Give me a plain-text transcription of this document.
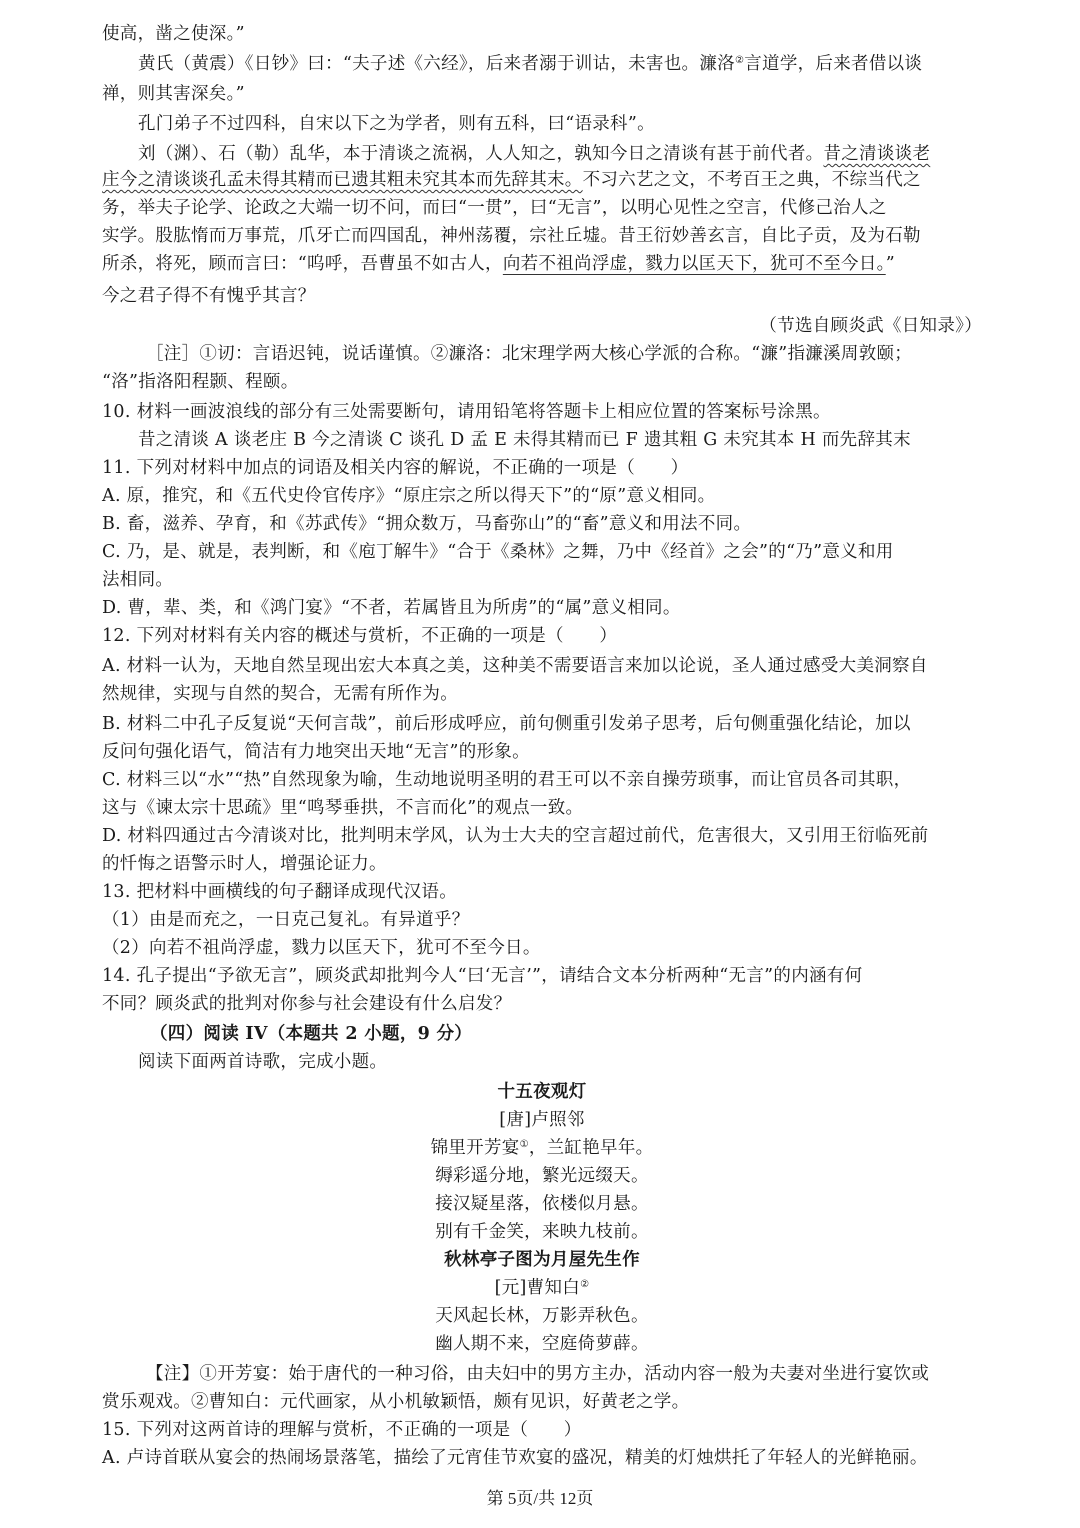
使高，凿之使深。”
黄氏（黄震）《日钞》曰：“夫子述《六经》，后来者溺于训诂，未害也。濂洛②言道学，后来者借以谈
禅，则其害深矣。”
孔门弟子不过四科，自宋以下之为学者，则有五科，曰“语录科”。
刘（渊）、石（勒）乱华，本于清谈之流祸，人人知之，孰知今日之清谈有甚于前代者。昔之清谈谈老
庄今之清谈谈孔孟未得其精而已遗其粗未究其本而先辞其末。不习六艺之文，不考百王之典，不综当代之
务，举夫子论学、论政之大端一切不问，而曰“一贯”，曰“无言”，以明心见性之空言，代修己治人之
实学。股肱惰而万事荒，爪牙亡而四国乱，神州荡覆，宗社丘墟。昔王衍妙善玄言，自比子贡，及为石勒
所杀，将死，顾而言曰：“呜呼，吾曹虽不如古人，向若不祖尚浮虚，戮力以匡天下，犹可不至今日。”
今之君子得不有愧乎其言？
（节选自顾炎武《日知录》）
［注］①讱：言语迟钝，说话谨慎。②濂洛：北宋理学两大核心学派的合称。“濂”指濂溪周敦颐；
“洛”指洛阳程颢、程颐。
10. 材料一画波浪线的部分有三处需要断句，请用铅笔将答题卡上相应位置的答案标号涂黑。
昔之清谈 A 谈老庄 B 今之清谈 C 谈孔 D 孟 E 未得其精而已 F 遗其粗 G 未究其本 H 而先辞其末
11. 下列对材料中加点的词语及相关内容的解说，不正确的一项是（　　）
A. 原，推究，和《五代史伶官传序》“原庄宗之所以得天下”的“原”意义相同。
B. 畜，滋养、孕育，和《苏武传》“拥众数万，马畜弥山”的“畜”意义和用法不同。
C. 乃，是、就是，表判断，和《庖丁解牛》“合于《桑林》之舞，乃中《经首》之会”的“乃”意义和用
法相同。
D. 曹，辈、类，和《鸿门宴》“不者，若属皆且为所虏”的“属”意义相同。
12. 下列对材料有关内容的概述与赏析，不正确的一项是（　　）
A. 材料一认为，天地自然呈现出宏大本真之美，这种美不需要语言来加以论说，圣人通过感受大美洞察自
然规律，实现与自然的契合，无需有所作为。
B. 材料二中孔子反复说“天何言哉”，前后形成呼应，前句侧重引发弟子思考，后句侧重强化结论，加以
反问句强化语气，简洁有力地突出天地“无言”的形象。
C. 材料三以“水”“热”自然现象为喻，生动地说明圣明的君王可以不亲自操劳琐事，而让官员各司其职，
这与《谏太宗十思疏》里“鸣琴垂拱，不言而化”的观点一致。
D. 材料四通过古今清谈对比，批判明末学风，认为士大夫的空言超过前代，危害很大，又引用王衍临死前
的忏悔之语警示时人，增强论证力。
13. 把材料中画横线的句子翻译成现代汉语。
（1）由是而充之，一日克己复礼。有异道乎？
（2）向若不祖尚浮虚，戮力以匡天下，犹可不至今日。
14. 孔子提出“予欲无言”，顾炎武却批判今人“曰‘无言’”，请结合文本分析两种“无言”的内涵有何
不同？顾炎武的批判对你参与社会建设有什么启发？
（四）阅读 IV（本题共 2 小题，9 分）
阅读下面两首诗歌，完成小题。
十五夜观灯
[唐]卢照邻
锦里开芳宴①，兰缸艳早年。
缛彩遥分地，繁光远缀天。
接汉疑星落，依楼似月悬。
别有千金笑，来映九枝前。
秋林亭子图为月屋先生作
[元]曹知白②
天风起长林，万影弄秋色。
幽人期不来，空庭倚萝薜。
【注】①开芳宴：始于唐代的一种习俗，由夫妇中的男方主办，活动内容一般为夫妻对坐进行宴饮或
赏乐观戏。②曹知白：元代画家，从小机敏颖悟，颇有见识，好黄老之学。
15. 下列对这两首诗的理解与赏析，不正确的一项是（　　）
A. 卢诗首联从宴会的热闹场景落笔，描绘了元宵佳节欢宴的盛况，精美的灯烛烘托了年轻人的光鲜艳丽。
第 5页/共 12页
